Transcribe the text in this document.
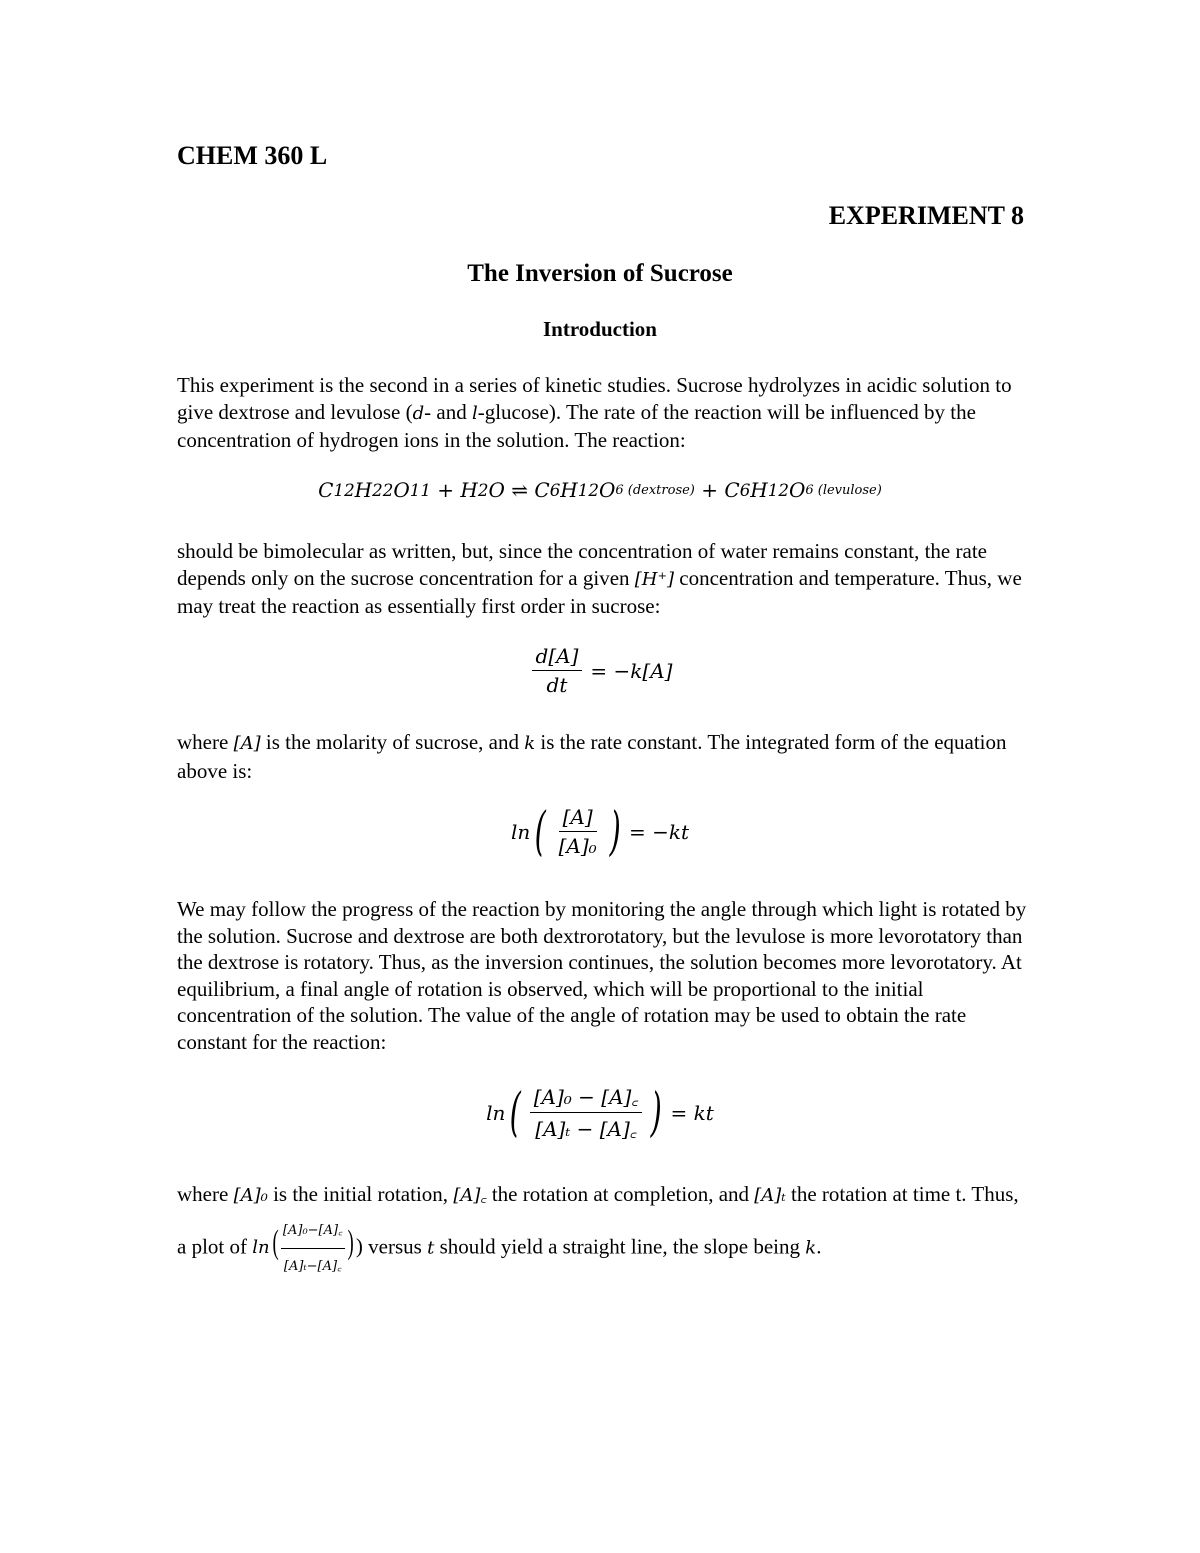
CHEM 360 L
EXPERIMENT 8
The Inversion of Sucrose
Introduction
This experiment is the second in a series of kinetic studies. Sucrose hydrolyzes in acidic solution to give dextrose and levulose (d- and l-glucose). The rate of the reaction will be influenced by the concentration of hydrogen ions in the solution. The reaction:
C 12 H 22 O 11 + H 2 O ⇌ C 6 H 12 O 6 (dextrose) + C 6 H 12 O 6 (levulose)
should be bimolecular as written, but, since the concentration of water remains constant, the rate depends only on the sucrose concentration for a given [H⁺] concentration and temperature. Thus, we may treat the reaction as essentially first order in sucrose:
$\frac{d[A]}{dt} = -k[A]$
where [A] is the molarity of sucrose, and k is the rate constant. The integrated form of the equation above is:
ln ( $\frac{[A]}{\text{[A]₀}}$ ) = −kt
We may follow the progress of the reaction by monitoring the angle through which light is rotated by the solution. Sucrose and dextrose are both dextrorotatory, but the levulose is more levorotatory than the dextrose is rotatory. Thus, as the inversion continues, the solution becomes more levorotatory. At equilibrium, a final angle of rotation is observed, which will be proportional to the initial concentration of the solution. The value of the angle of rotation may be used to obtain the rate constant for the reaction:
ln ( $\frac{\text{[A]₀ − [A]꜀}}{\text{[A]ₜ − [A]꜀}}$ ) = kt
where [A]₀ is the initial rotation, [A]꜀ the rotation at completion, and [A]ₜ the rotation at time t. Thus, a plot of $\ln( \frac{\text{[A]₀−[A]꜀}}{\text{[A]ₜ−[A]꜀}}$ ) ) versus t should yield a straight line, the slope being k.
